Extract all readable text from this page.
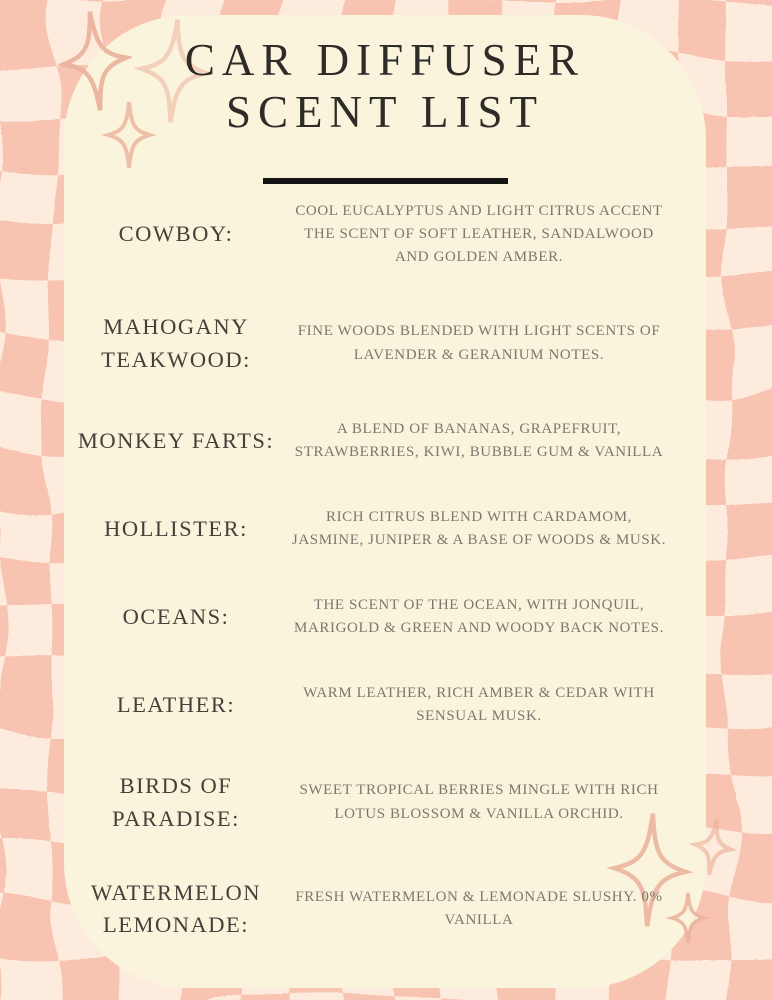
CAR DIFFUSER
SCENT LIST
COWBOY:
COOL EUCALYPTUS AND LIGHT CITRUS ACCENT THE SCENT OF SOFT LEATHER, SANDALWOOD AND GOLDEN AMBER.
MAHOGANY TEAKWOOD:
FINE WOODS BLENDED WITH LIGHT SCENTS OF LAVENDER & GERANIUM NOTES.
MONKEY FARTS:	A BLEND OF BANANAS, GRAPEFRUIT, STRAWBERRIES, KIWI, BUBBLE GUM & VANILLA
HOLLISTER:	RICH CITRUS BLEND WITH CARDAMOM, JASMINE, JUNIPER & A BASE OF WOODS & MUSK.
OCEANS:	THE SCENT OF THE OCEAN, WITH JONQUIL, MARIGOLD & GREEN AND WOODY BACK NOTES.
LEATHER:	WARM LEATHER, RICH AMBER & CEDAR WITH SENSUAL MUSK.
BIRDS OF PARADISE:
SWEET TROPICAL BERRIES MINGLE WITH RICH LOTUS BLOSSOM & VANILLA ORCHID.
WATERMELON LEMONADE:
FRESH WATERMELON & LEMONADE SLUSHY. 0% VANILLA
